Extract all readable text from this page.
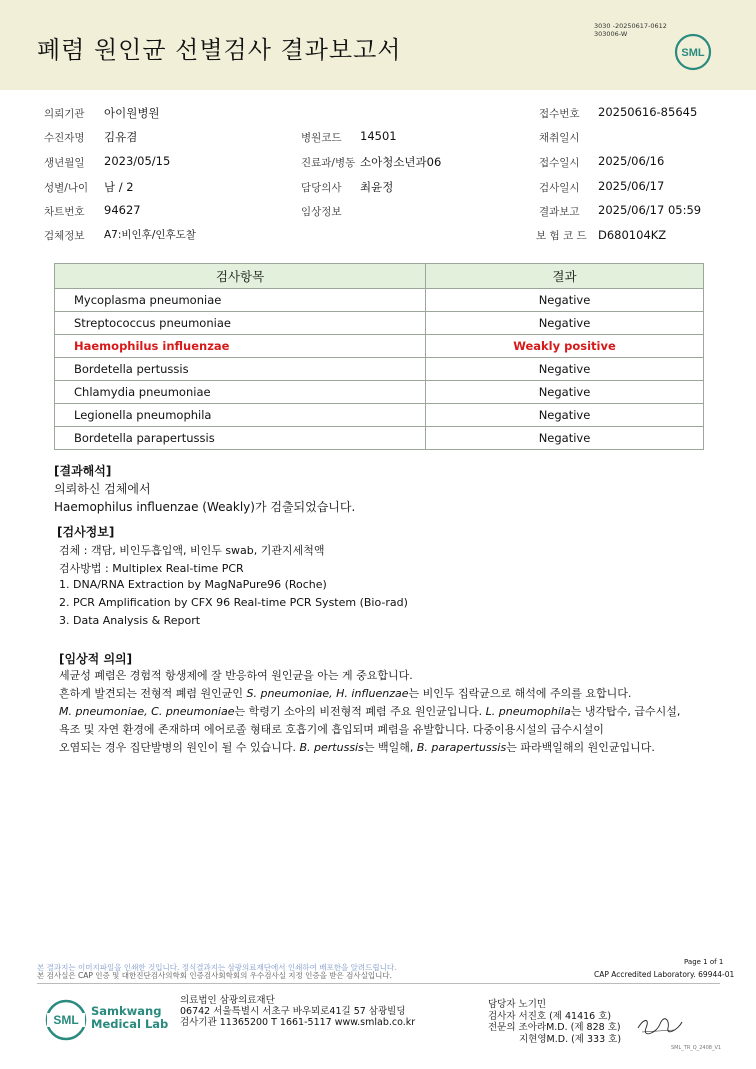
폐렴 원인균 선별검사 결과보고서
3030 -20250617-0612
303006-W
SML
의뢰기관 아이원병원	접수번호 20250616-85645
수진자명 김유겸	병원코드 14501	채취일시
생년월일 2023/05/15	진료과/병동 소아청소년과06	접수일시 2025/06/16
성별/나이 남 / 2	담당의사 최윤정	검사일시 2025/06/17
차트번호 94627	임상정보	결과보고 2025/06/17 05:59
검체정보 A7:비인후/인후도찰	보 험 코 드 D680104KZ
검사항목	결과
Mycoplasma pneumoniae	Negative
Streptococcus pneumoniae	Negative
Haemophilus influenzae	Weakly positive
Bordetella pertussis	Negative
Chlamydia pneumoniae	Negative
Legionella pneumophila	Negative
Bordetella parapertussis	Negative
[결과해석]
의뢰하신 검체에서
Haemophilus influenzae (Weakly)가 검출되었습니다.
[검사정보]
검체 : 객담, 비인두흡입액, 비인두 swab, 기관지세척액
검사방법 : Multiplex Real-time PCR
1. DNA/RNA Extraction by MagNaPure96 (Roche)
2. PCR Amplification by CFX 96 Real-time PCR System (Bio-rad)
3. Data Analysis & Report
[임상적 의의]
세균성 폐렴은 경험적 항생제에 잘 반응하여 원인균을 아는 게 중요합니다.
흔하게 발견되는 전형적 폐렴 원인균인 S. pneumoniae, H. influenzae는 비인두 집락균으로 해석에 주의를 요합니다.
M. pneumoniae, C. pneumoniae는 학령기 소아의 비전형적 폐렴 주요 원인균입니다. L. pneumophila는 냉각탑수, 급수시설,
욕조 및 자연 환경에 존재하며 에어로졸 형태로 호흡기에 흡입되며 폐렴을 유발합니다. 다중이용시설의 급수시설이
오염되는 경우 집단발병의 원인이 될 수 있습니다. B. pertussis는 백일해, B. parapertussis는 파라백일해의 원인균입니다.
본 결과지는 이미지파일을 인쇄한 것입니다. 정식결과지는 삼광의료재단에서 인쇄하여 배포한을 알려드립니다.
본 검사실은 CAP 인증 및 대한진단검사의학회 인증검사회학회의 우수검사실 지정 인증을 받은 검사실입니다.
Page 1 of 1
CAP Accredited Laboratory. 69944-01
SML
Samkwang
Medical Lab
의료법인 삼광의료재단
06742 서울특별시 서초구 바우뫼로41길 57 삼광빌딩
검사기관 11365200 T 1661-5117 www.smlab.co.kr
담당자 노기민
검사자 서진호 (제 41416 호)
전문의 조아라M.D. (제 828 호)
지현영M.D. (제 333 호)
SML_TR_Q_2408_V1
